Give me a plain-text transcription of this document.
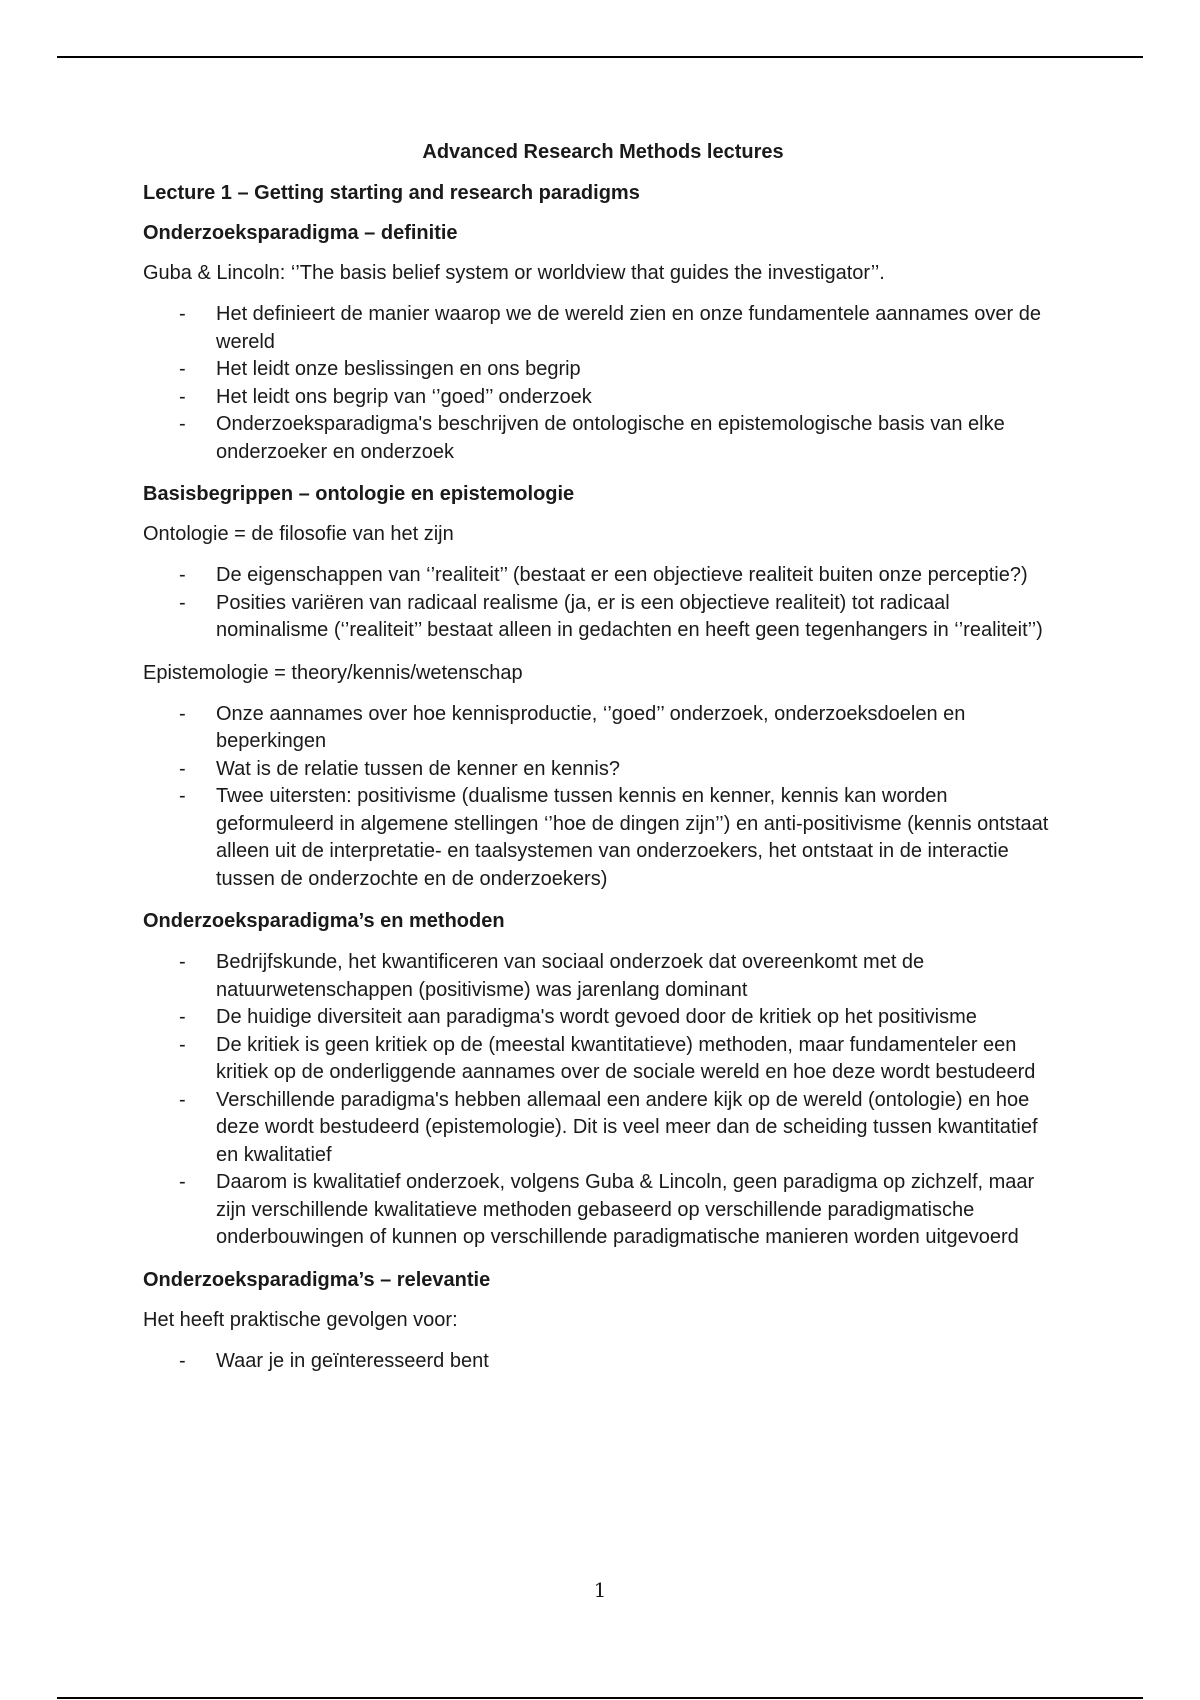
Advanced Research Methods lectures
Lecture 1 – Getting starting and research paradigms
Onderzoeksparadigma – definitie
Guba & Lincoln: ‘’The basis belief system or worldview that guides the investigator’’.
- Het definieert de manier waarop we de wereld zien en onze fundamentele aannames over de wereld
- Het leidt onze beslissingen en ons begrip
- Het leidt ons begrip van ‘’goed’’ onderzoek
- Onderzoeksparadigma's beschrijven de ontologische en epistemologische basis van elke onderzoeker en onderzoek
Basisbegrippen – ontologie en epistemologie
Ontologie = de filosofie van het zijn
- De eigenschappen van ‘’realiteit’’ (bestaat er een objectieve realiteit buiten onze perceptie?)
- Posities variëren van radicaal realisme (ja, er is een objectieve realiteit) tot radicaal nominalisme (‘’realiteit’’ bestaat alleen in gedachten en heeft geen tegenhangers in ‘’realiteit’’)
Epistemologie = theory/kennis/wetenschap
- Onze aannames over hoe kennisproductie, ‘’goed’’ onderzoek, onderzoeksdoelen en beperkingen
- Wat is de relatie tussen de kenner en kennis?
- Twee uitersten: positivisme (dualisme tussen kennis en kenner, kennis kan worden geformuleerd in algemene stellingen ‘’hoe de dingen zijn’’) en anti-positivisme (kennis ontstaat alleen uit de interpretatie- en taalsystemen van onderzoekers, het ontstaat in de interactie tussen de onderzochte en de onderzoekers)
Onderzoeksparadigma’s en methoden
- Bedrijfskunde, het kwantificeren van sociaal onderzoek dat overeenkomt met de natuurwetenschappen (positivisme) was jarenlang dominant
- De huidige diversiteit aan paradigma's wordt gevoed door de kritiek op het positivisme
- De kritiek is geen kritiek op de (meestal kwantitatieve) methoden, maar fundamenteler een kritiek op de onderliggende aannames over de sociale wereld en hoe deze wordt bestudeerd
- Verschillende paradigma's hebben allemaal een andere kijk op de wereld (ontologie) en hoe deze wordt bestudeerd (epistemologie). Dit is veel meer dan de scheiding tussen kwantitatief en kwalitatief
- Daarom is kwalitatief onderzoek, volgens Guba & Lincoln, geen paradigma op zichzelf, maar zijn verschillende kwalitatieve methoden gebaseerd op verschillende paradigmatische onderbouwingen of kunnen op verschillende paradigmatische manieren worden uitgevoerd
Onderzoeksparadigma’s – relevantie
Het heeft praktische gevolgen voor:
- Waar je in geïnteresseerd bent
1
